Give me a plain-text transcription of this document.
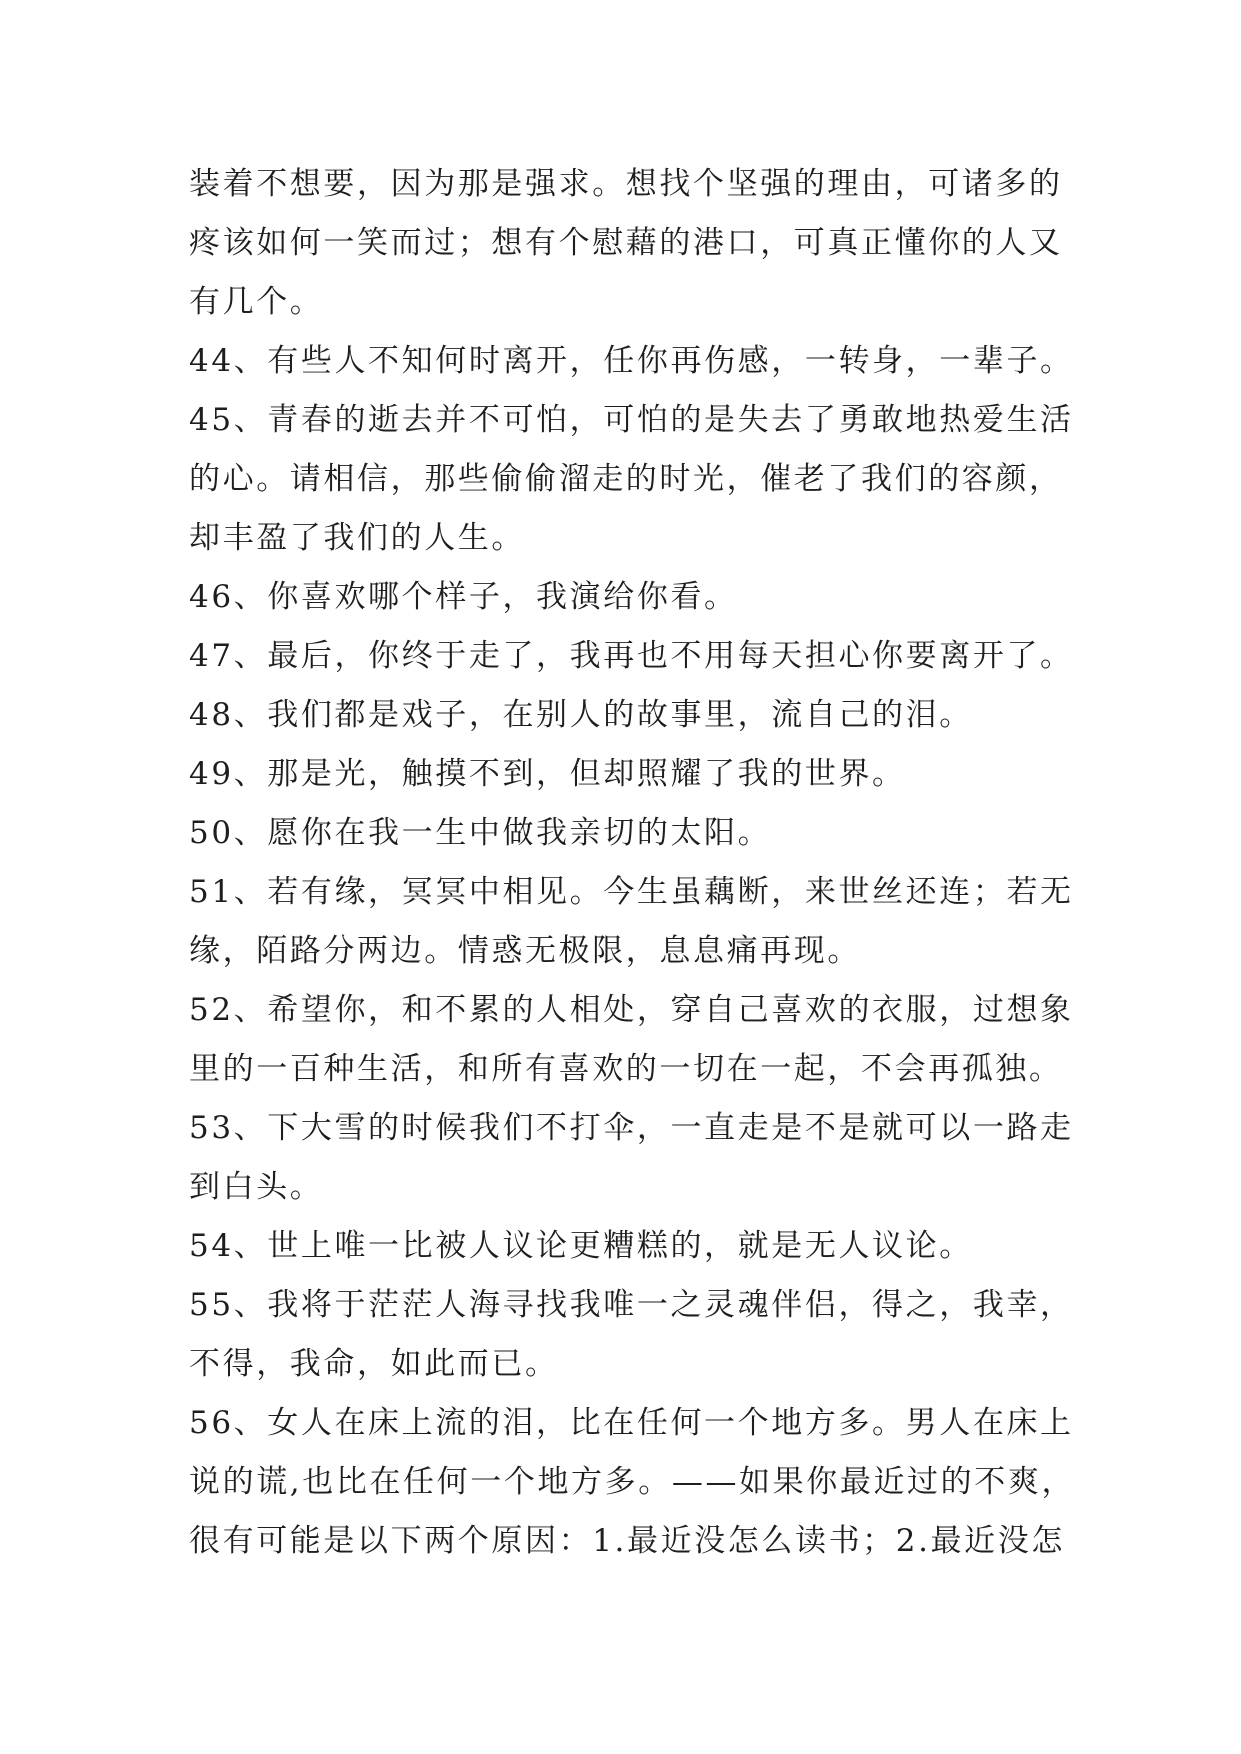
装着不想要，因为那是强求。想找个坚强的理由，可诸多的
疼该如何一笑而过；想有个慰藉的港口，可真正懂你的人又
有几个。
44、有些人不知何时离开，任你再伤感，一转身，一辈子。
45、青春的逝去并不可怕，可怕的是失去了勇敢地热爱生活
的心。请相信，那些偷偷溜走的时光，催老了我们的容颜，
却丰盈了我们的人生。
46、你喜欢哪个样子，我演给你看。
47、最后，你终于走了，我再也不用每天担心你要离开了。
48、我们都是戏子，在别人的故事里，流自己的泪。
49、那是光，触摸不到，但却照耀了我的世界。
50、愿你在我一生中做我亲切的太阳。
51、若有缘，冥冥中相见。今生虽藕断，来世丝还连；若无
缘，陌路分两边。情惑无极限，息息痛再现。
52、希望你，和不累的人相处，穿自己喜欢的衣服，过想象
里的一百种生活，和所有喜欢的一切在一起，不会再孤独。
53、下大雪的时候我们不打伞，一直走是不是就可以一路走
到白头。
54、世上唯一比被人议论更糟糕的，就是无人议论。
55、我将于茫茫人海寻找我唯一之灵魂伴侣，得之，我幸，
不得，我命，如此而已。
56、女人在床上流的泪，比在任何一个地方多。男人在床上
说的谎,也比在任何一个地方多。——如果你最近过的不爽，
很有可能是以下两个原因：1.最近没怎么读书；2.最近没怎
